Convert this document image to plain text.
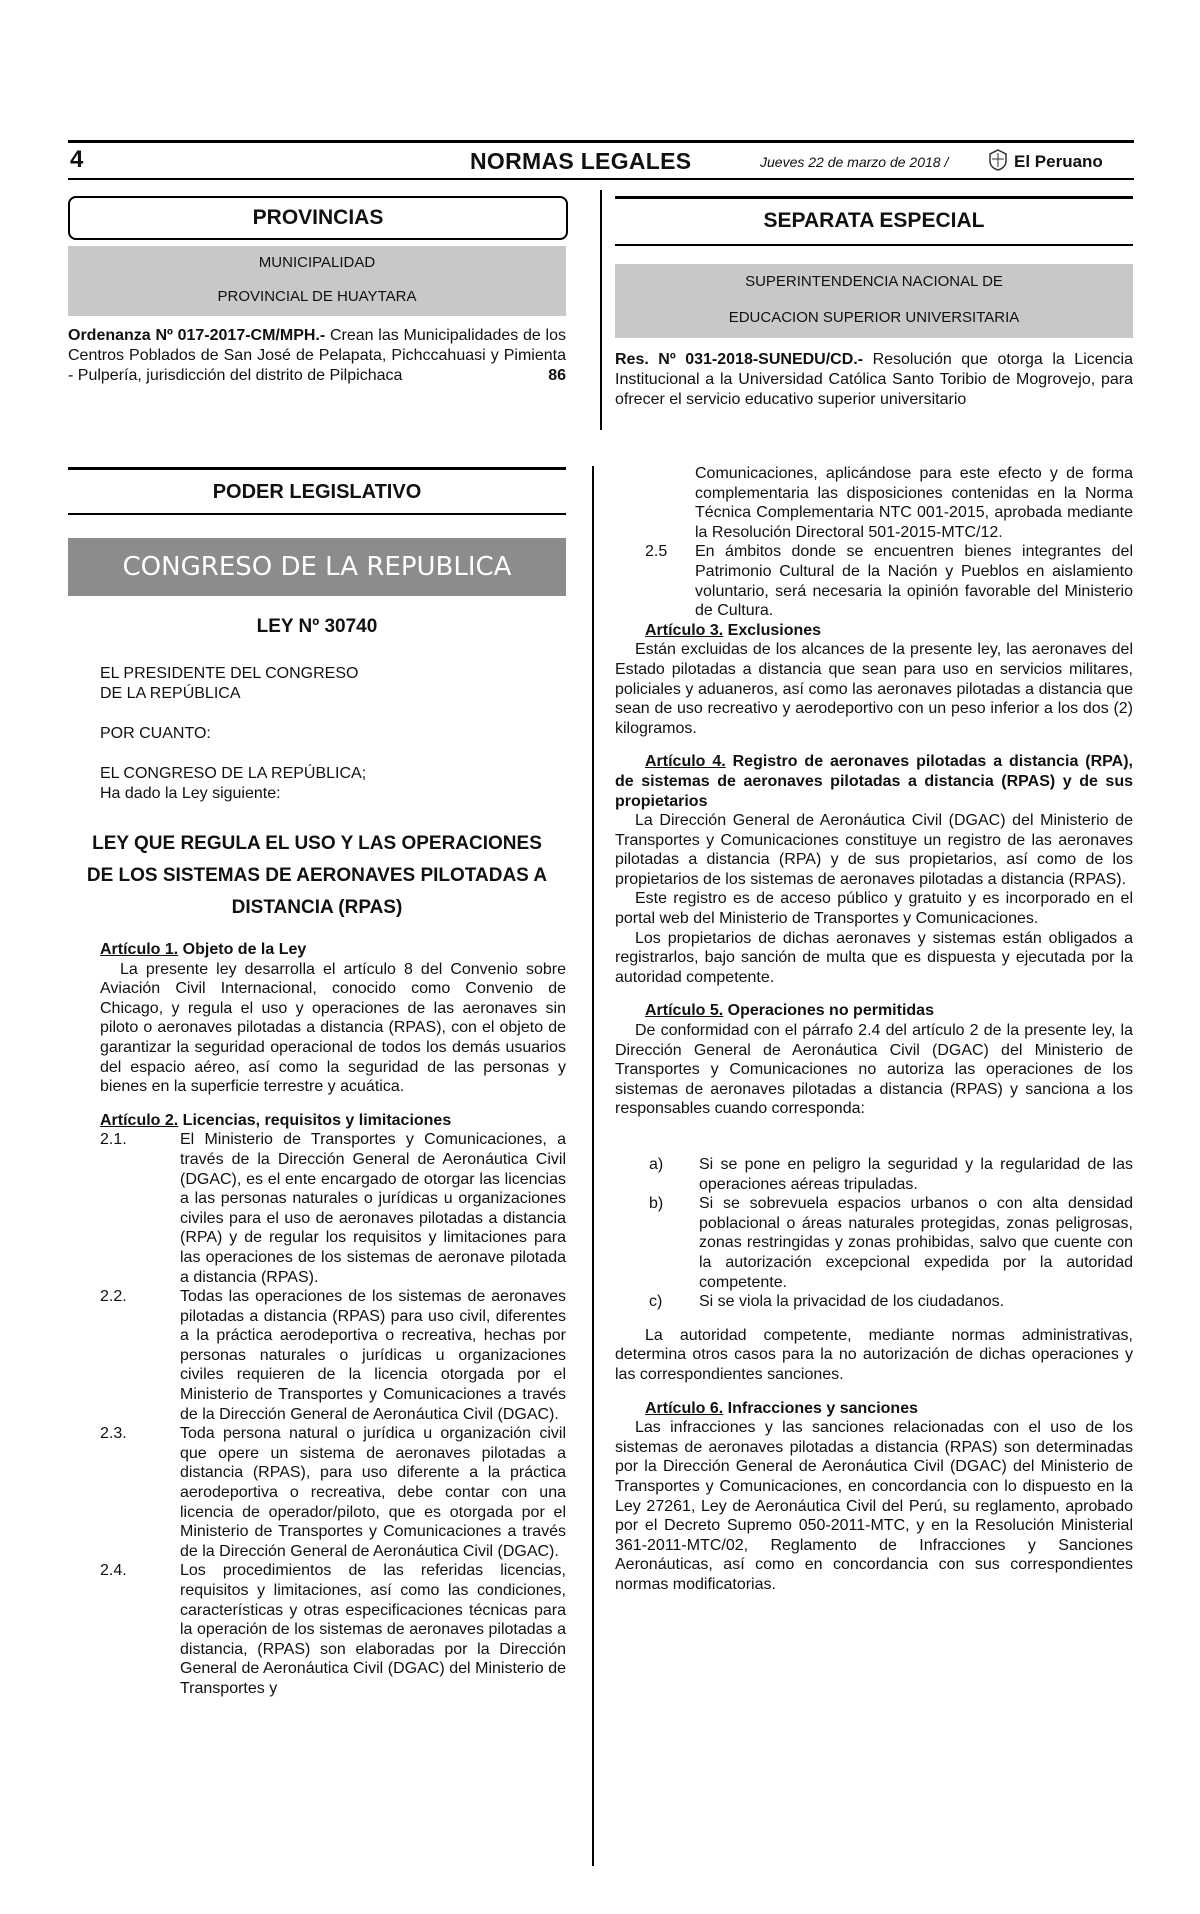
4	NORMAS LEGALES	Jueves 22 de marzo de 2018 /	El Peruano
PROVINCIAS
MUNICIPALIDAD
PROVINCIAL DE HUAYTARA
Ordenanza Nº 017-2017-CM/MPH.- Crean las Municipalidades de los Centros Poblados de San José de Pelapata, Pichccahuasi y Pimienta - Pulpería, jurisdicción del distrito de Pilpichaca	86
SEPARATA ESPECIAL
SUPERINTENDENCIA NACIONAL DE
EDUCACION SUPERIOR UNIVERSITARIA
Res. Nº 031-2018-SUNEDU/CD.- Resolución que otorga la Licencia Institucional a la Universidad Católica Santo Toribio de Mogrovejo, para ofrecer el servicio educativo superior universitario
PODER LEGISLATIVO
CONGRESO DE LA REPUBLICA
LEY Nº 30740
EL PRESIDENTE DEL CONGRESO
DE LA REPÚBLICA
POR CUANTO:
EL CONGRESO DE LA REPÚBLICA;
Ha dado la Ley siguiente:
LEY QUE REGULA EL USO Y LAS OPERACIONES
DE LOS SISTEMAS DE AERONAVES PILOTADAS A
DISTANCIA (RPAS)

Artículo 1. Objeto de la Ley

La presente ley desarrolla el artículo 8 del Convenio sobre Aviación Civil Internacional, conocido como Convenio de Chicago, y regula el uso y operaciones de las aeronaves sin piloto o aeronaves pilotadas a distancia (RPAS), con el objeto de garantizar la seguridad operacional de todos los demás usuarios del espacio aéreo, así como la seguridad de las personas y bienes en la superficie terrestre y acuática.

Artículo 2. Licencias, requisitos y limitaciones

2.1.	El Ministerio de Transportes y Comunicaciones, a través de la Dirección General de Aeronáutica Civil (DGAC), es el ente encargado de otorgar las licencias a las personas naturales o jurídicas u organizaciones civiles para el uso de aeronaves pilotadas a distancia (RPA) y de regular los requisitos y limitaciones para las operaciones de los sistemas de aeronave pilotada a distancia (RPAS).
2.2.	Todas las operaciones de los sistemas de aeronaves pilotadas a distancia (RPAS) para uso civil, diferentes a la práctica aerodeportiva o recreativa, hechas por personas naturales o jurídicas u organizaciones civiles requieren de la licencia otorgada por el Ministerio de Transportes y Comunicaciones a través de la Dirección General de Aeronáutica Civil (DGAC).
2.3.	Toda persona natural o jurídica u organización civil que opere un sistema de aeronaves pilotadas a distancia (RPAS), para uso diferente a la práctica aerodeportiva o recreativa, debe contar con una licencia de operador/piloto, que es otorgada por el Ministerio de Transportes y Comunicaciones a través de la Dirección General de Aeronáutica Civil (DGAC).
2.4.	Los procedimientos de las referidas licencias, requisitos y limitaciones, así como las condiciones, características y otras especificaciones técnicas para la operación de los sistemas de aeronaves pilotadas a distancia, (RPAS) son elaboradas por la Dirección General de Aeronáutica Civil (DGAC) del Ministerio de Transportes y
Comunicaciones, aplicándose para este efecto y de forma complementaria las disposiciones contenidas en la Norma Técnica Complementaria NTC 001-2015, aprobada mediante la Resolución Directoral 501-2015-MTC/12.
2.5	En ámbitos donde se encuentren bienes integrantes del Patrimonio Cultural de la Nación y Pueblos en aislamiento voluntario, será necesaria la opinión favorable del Ministerio de Cultura.

Artículo 3. Exclusiones

Están excluidas de los alcances de la presente ley, las aeronaves del Estado pilotadas a distancia que sean para uso en servicios militares, policiales y aduaneros, así como las aeronaves pilotadas a distancia que sean de uso recreativo y aerodeportivo con un peso inferior a los dos (2) kilogramos.

Artículo 4. Registro de aeronaves pilotadas a distancia (RPA), de sistemas de aeronaves pilotadas a distancia (RPAS) y de sus propietarios

La Dirección General de Aeronáutica Civil (DGAC) del Ministerio de Transportes y Comunicaciones constituye un registro de las aeronaves pilotadas a distancia (RPA) y de sus propietarios, así como de los propietarios de los sistemas de aeronaves pilotadas a distancia (RPAS).

Este registro es de acceso público y gratuito y es incorporado en el portal web del Ministerio de Transportes y Comunicaciones.

Los propietarios de dichas aeronaves y sistemas están obligados a registrarlos, bajo sanción de multa que es dispuesta y ejecutada por la autoridad competente.

Artículo 5. Operaciones no permitidas

De conformidad con el párrafo 2.4 del artículo 2 de la presente ley, la Dirección General de Aeronáutica Civil (DGAC) del Ministerio de Transportes y Comunicaciones no autoriza las operaciones de los sistemas de aeronaves pilotadas a distancia (RPAS) y sanciona a los responsables cuando corresponda:

a)	Si se pone en peligro la seguridad y la regularidad de las operaciones aéreas tripuladas.
b)	Si se sobrevuela espacios urbanos o con alta densidad poblacional o áreas naturales protegidas, zonas peligrosas, zonas restringidas y zonas prohibidas, salvo que cuente con la autorización excepcional expedida por la autoridad competente.
c)	Si se viola la privacidad de los ciudadanos.

La autoridad competente, mediante normas administrativas, determina otros casos para la no autorización de dichas operaciones y las correspondientes sanciones.

Artículo 6. Infracciones y sanciones

Las infracciones y las sanciones relacionadas con el uso de los sistemas de aeronaves pilotadas a distancia (RPAS) son determinadas por la Dirección General de Aeronáutica Civil (DGAC) del Ministerio de Transportes y Comunicaciones, en concordancia con lo dispuesto en la Ley 27261, Ley de Aeronáutica Civil del Perú, su reglamento, aprobado por el Decreto Supremo 050-2011-MTC, y en la Resolución Ministerial 361-2011-MTC/02, Reglamento de Infracciones y Sanciones Aeronáuticas, así como en concordancia con sus correspondientes normas modificatorias.
